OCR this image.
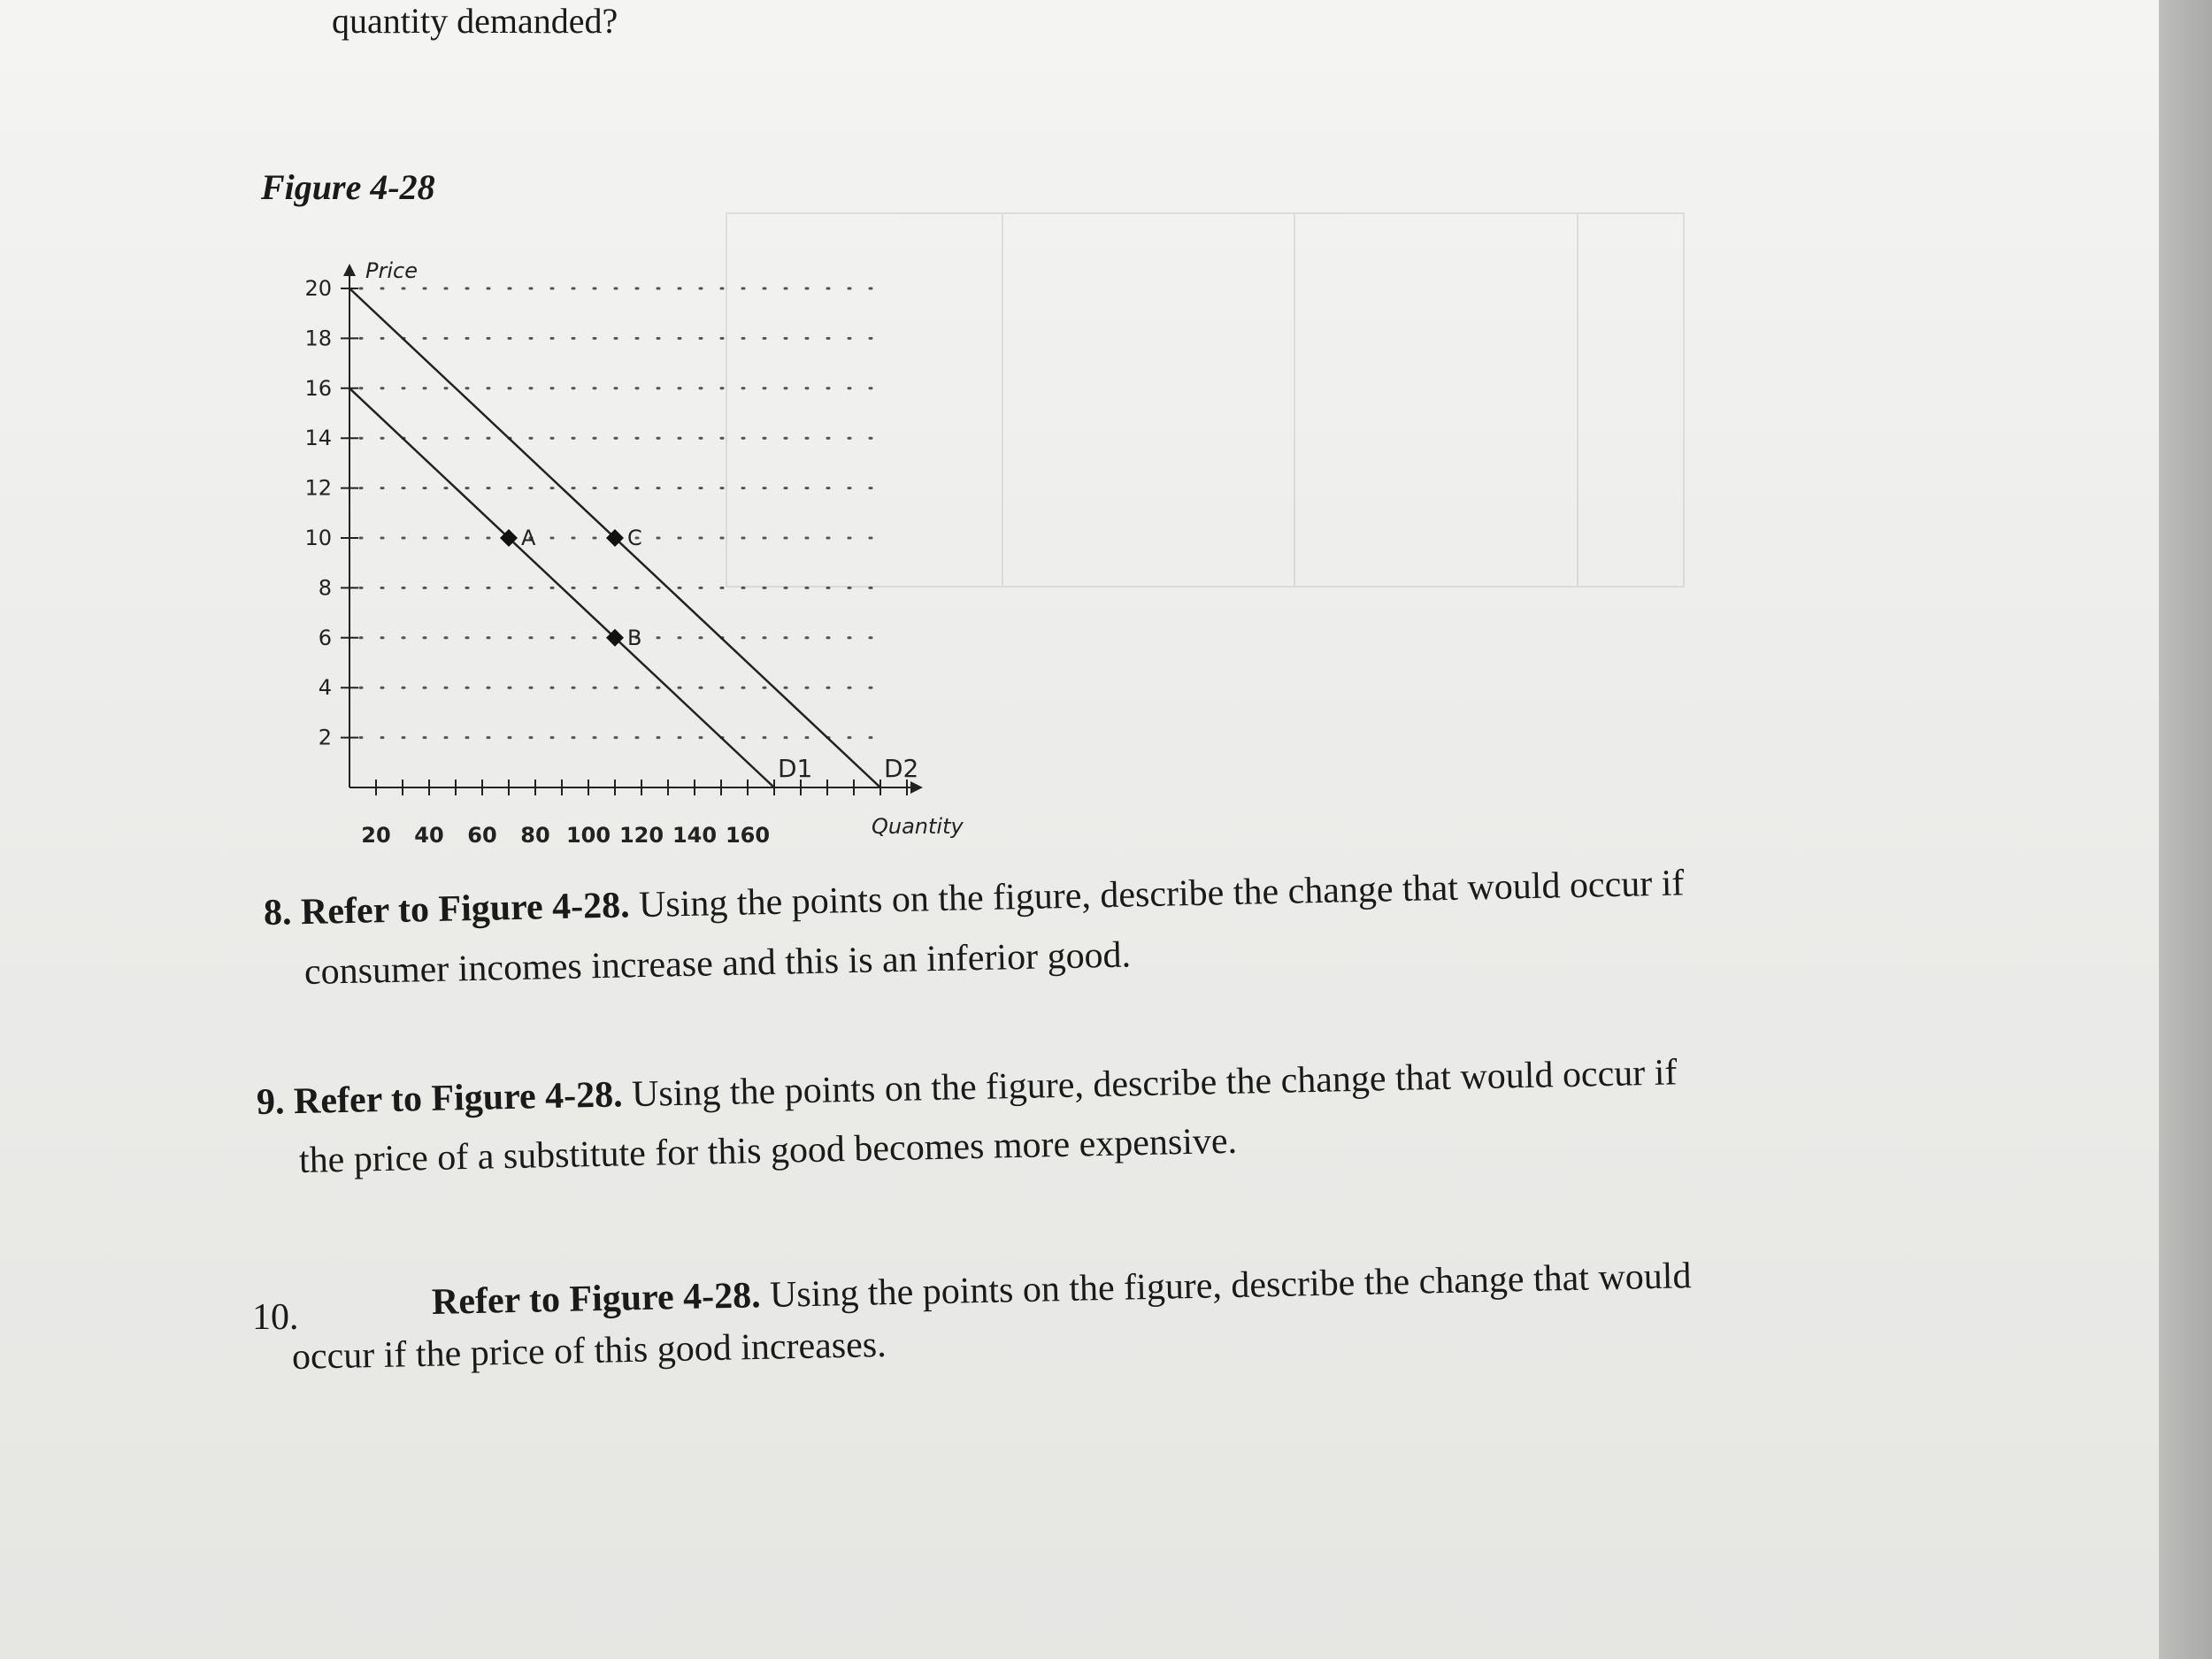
quantity demanded?
Figure 4-28
2
4
6
8
10
12
14
16
18
20
20 40 60 80 100 120 140 160
D1	D2
A
B
C
Price
Quantity
8. Refer to Figure 4-28. Using the points on the figure, describe the change that would occur if
consumer incomes increase and this is an inferior good.
9. Refer to Figure 4-28. Using the points on the figure, describe the change that would occur if
the price of a substitute for this good becomes more expensive.
10.	Refer to Figure 4-28. Using the points on the figure, describe the change that would
occur if the price of this good increases.
